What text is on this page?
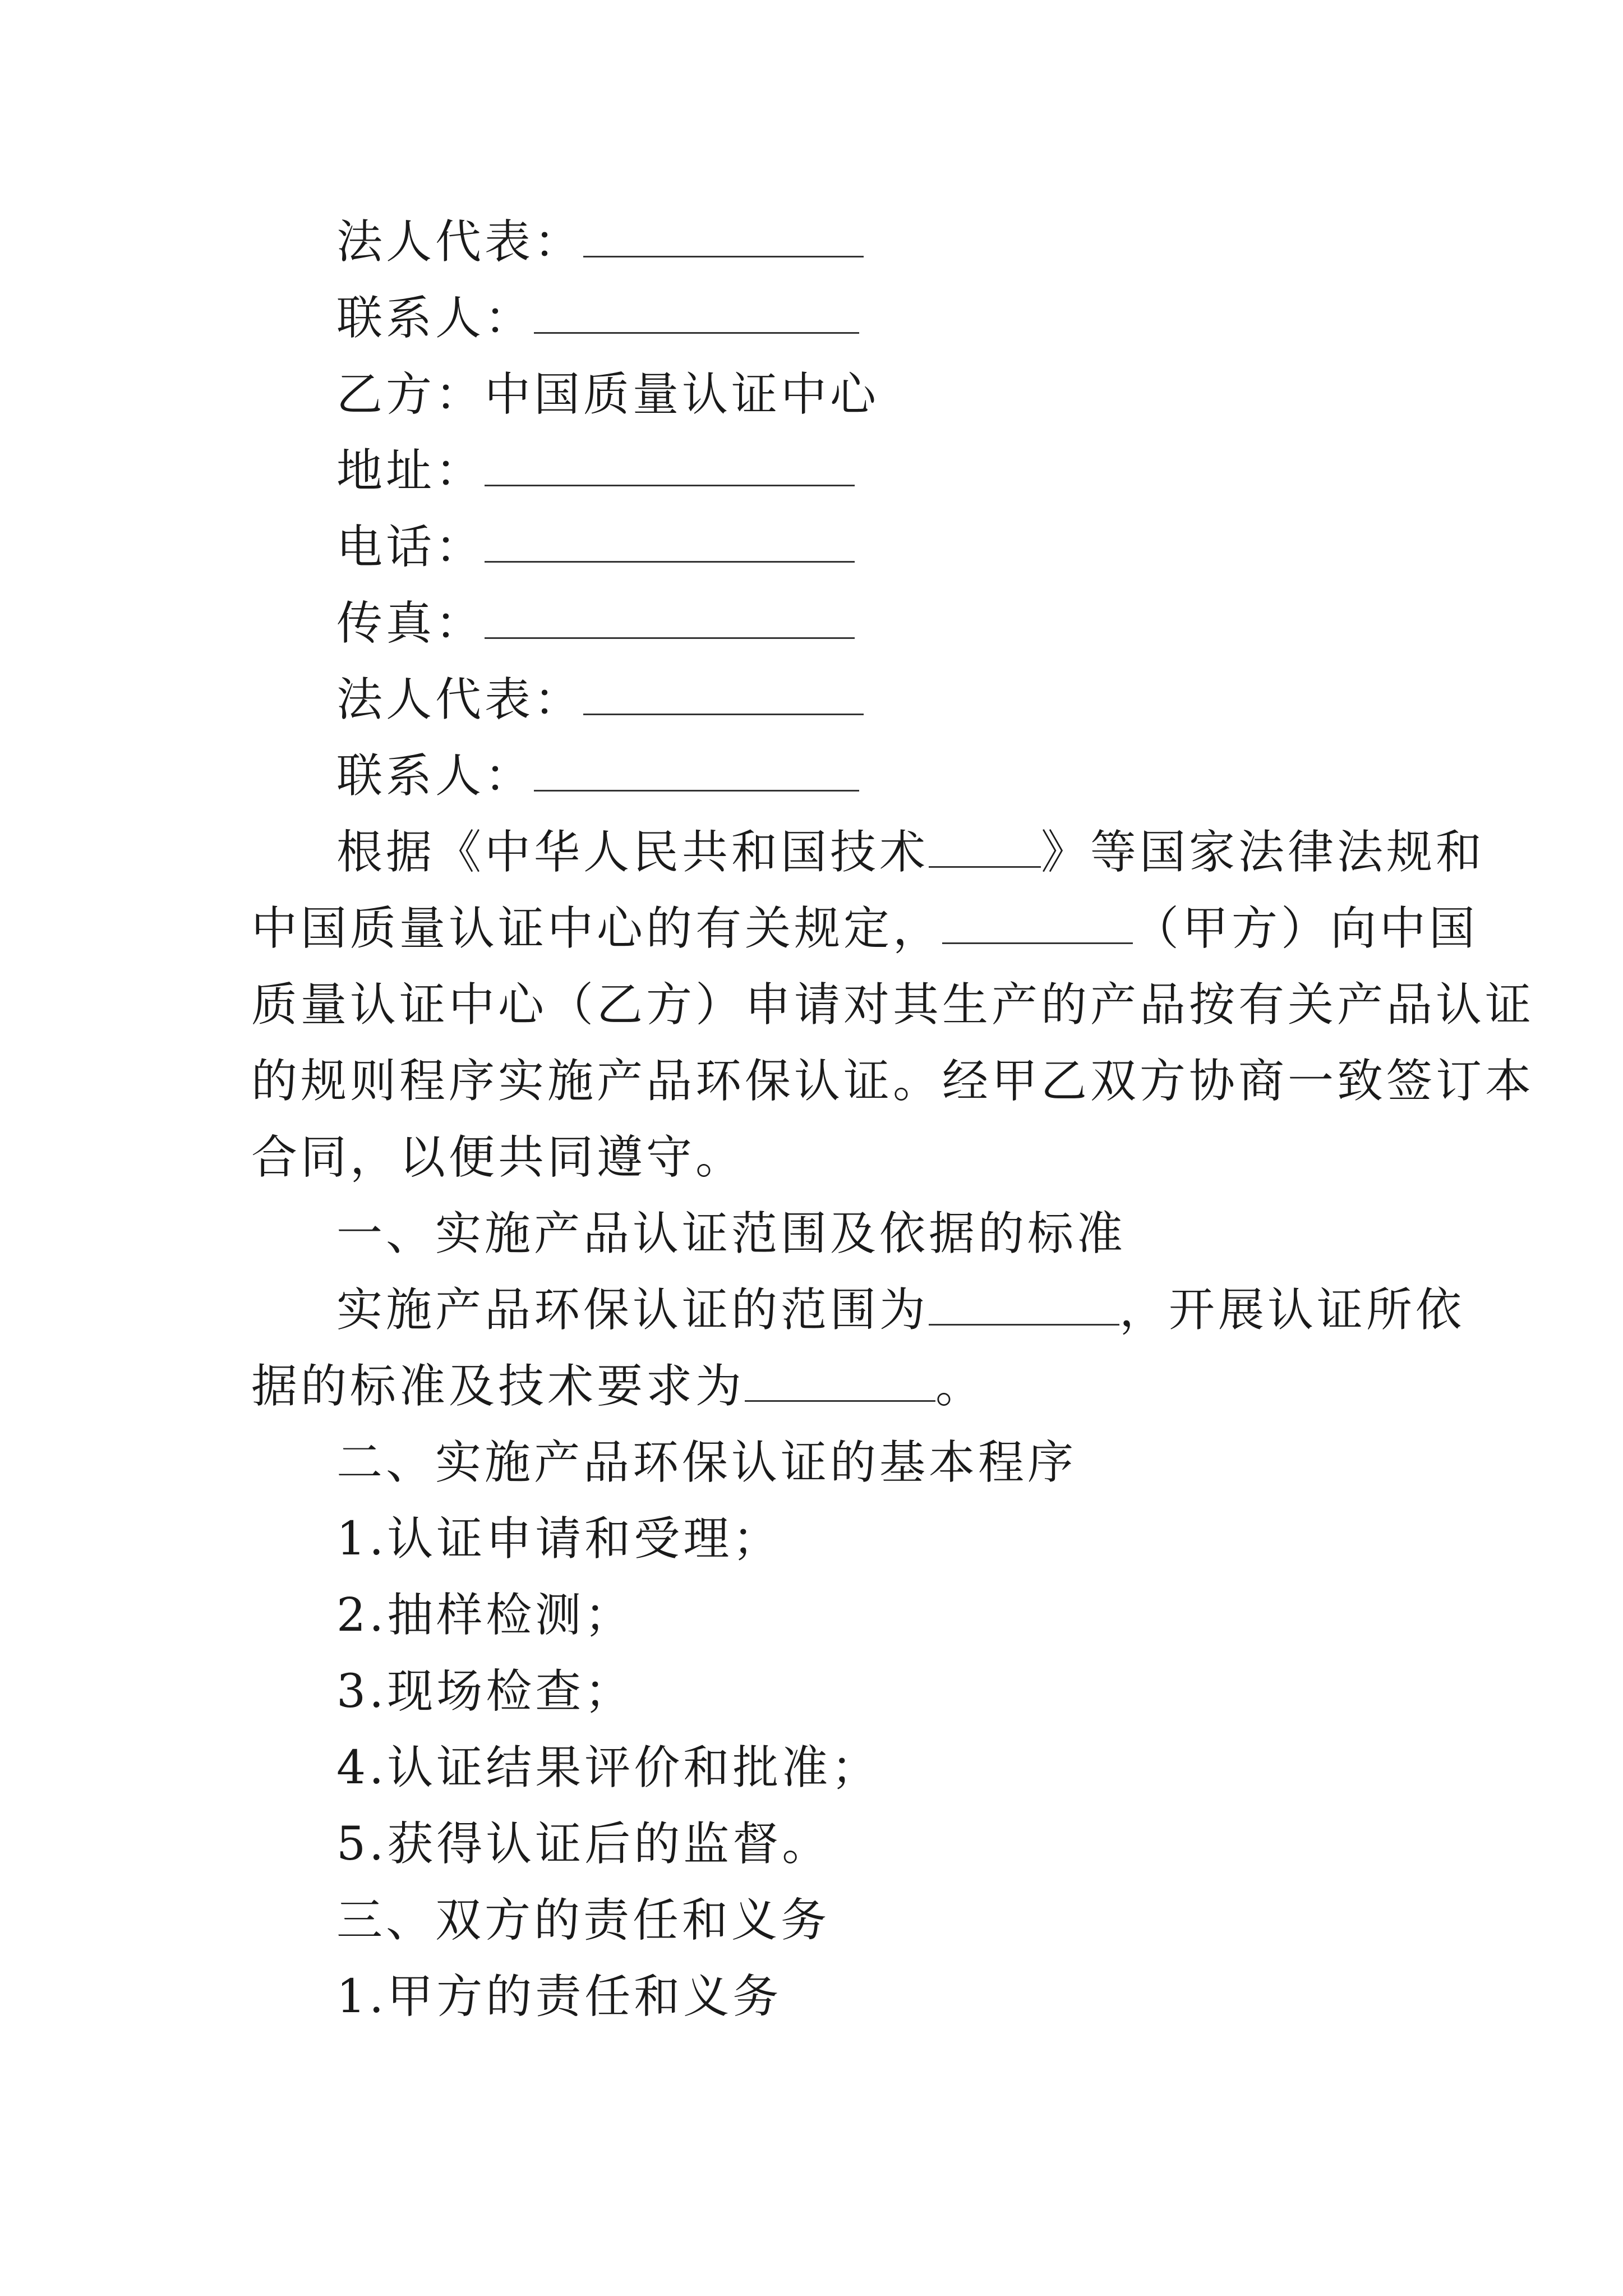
法人代表：
联系人：
乙方：中国质量认证中心
地址：
电话：
传真：
法人代表：
联系人：
根据《中华人民共和国技术 》等国家法律法规和
中国质量认证中心的有关规定，	（甲方）向中国
质量认证中心（乙方）申请对其生产的产品按有关产品认证
的规则程序实施产品环保认证。经甲乙双方协商一致签订本
合同，以便共同遵守。
一、实施产品认证范围及依据的标准
实施产品环保认证的范围为	，开展认证所依
据的标准及技术要求为	。
二、实施产品环保认证的基本程序
1.认证申请和受理；
2.抽样检测；
3.现场检查；
4.认证结果评价和批准；
5.获得认证后的监督。
三、双方的责任和义务
1.甲方的责任和义务
